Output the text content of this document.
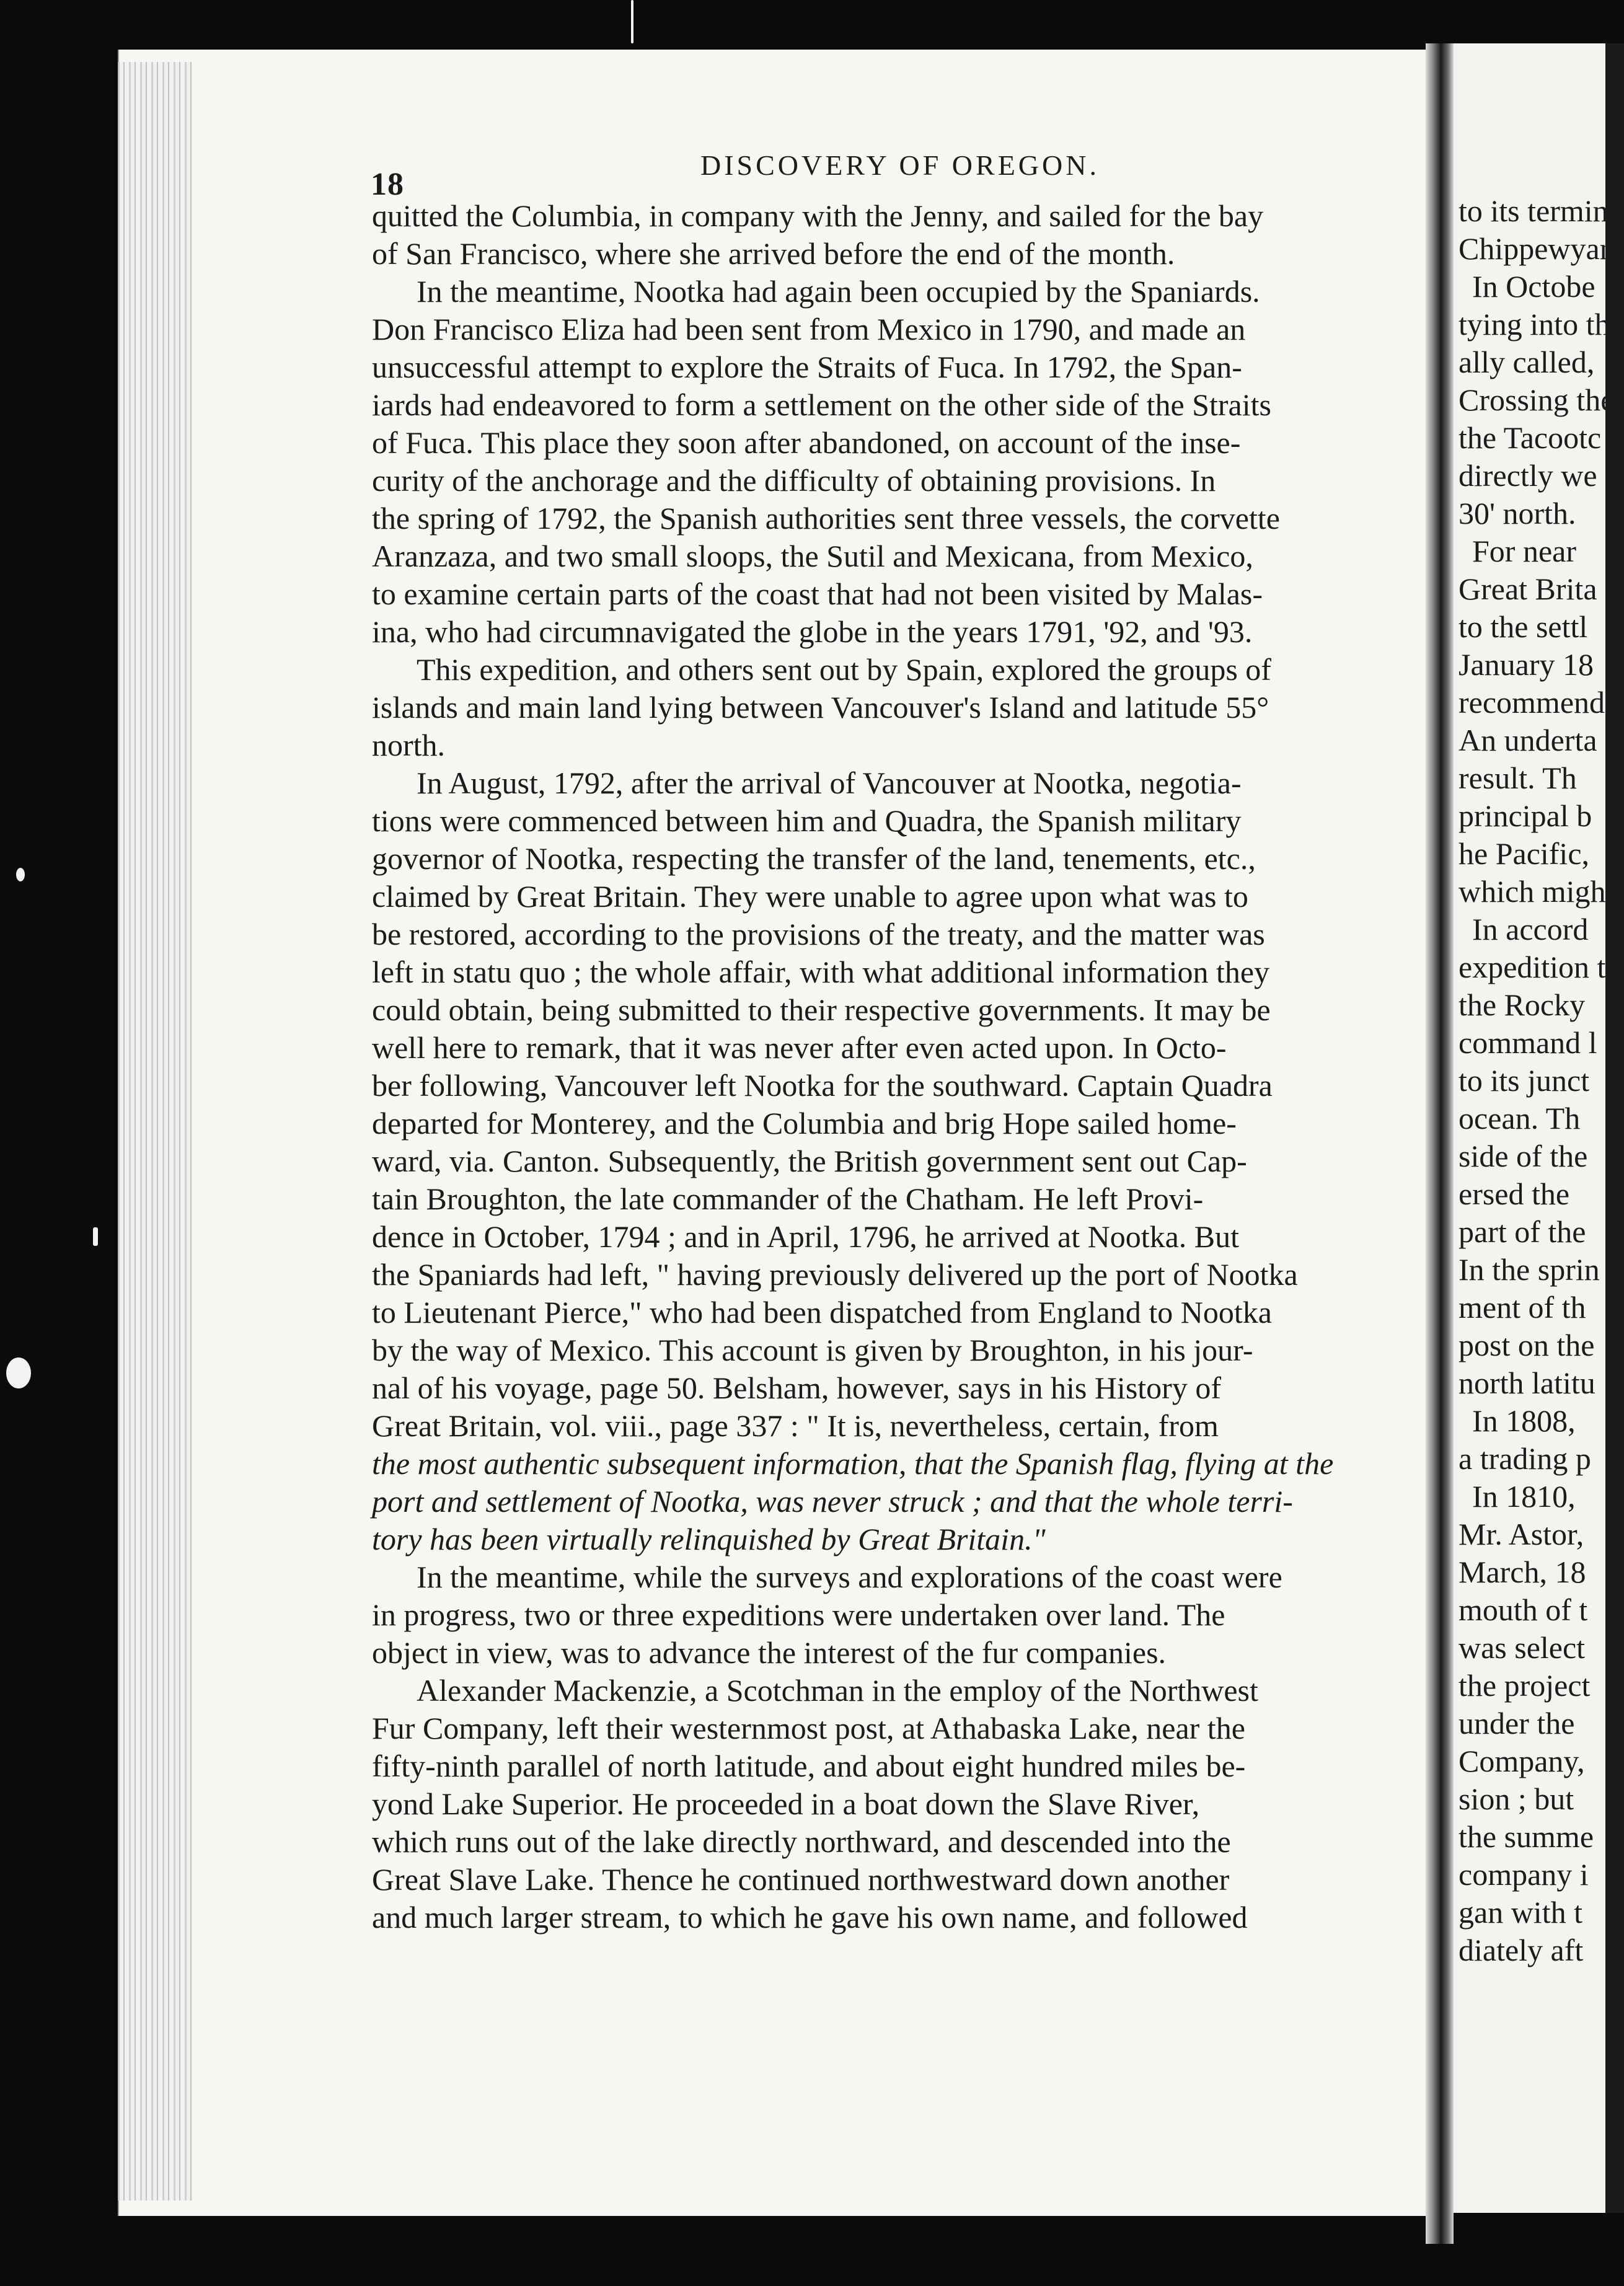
18
DISCOVERY OF OREGON.
quitted the Columbia, in company with the Jenny, and sailed for the bay
of San Francisco, where she arrived before the end of the month.
In the meantime, Nootka had again been occupied by the Spaniards.
Don Francisco Eliza had been sent from Mexico in 1790, and made an
unsuccessful attempt to explore the Straits of Fuca. In 1792, the Span-
iards had endeavored to form a settlement on the other side of the Straits
of Fuca. This place they soon after abandoned, on account of the inse-
curity of the anchorage and the difficulty of obtaining provisions. In
the spring of 1792, the Spanish authorities sent three vessels, the corvette
Aranzaza, and two small sloops, the Sutil and Mexicana, from Mexico,
to examine certain parts of the coast that had not been visited by Malas-
ina, who had circumnavigated the globe in the years 1791, '92, and '93.
This expedition, and others sent out by Spain, explored the groups of
islands and main land lying between Vancouver's Island and latitude 55°
north.
In August, 1792, after the arrival of Vancouver at Nootka, negotia-
tions were commenced between him and Quadra, the Spanish military
governor of Nootka, respecting the transfer of the land, tenements, etc.,
claimed by Great Britain. They were unable to agree upon what was to
be restored, according to the provisions of the treaty, and the matter was
left in statu quo ; the whole affair, with what additional information they
could obtain, being submitted to their respective governments. It may be
well here to remark, that it was never after even acted upon. In Octo-
ber following, Vancouver left Nootka for the southward. Captain Quadra
departed for Monterey, and the Columbia and brig Hope sailed home-
ward, via. Canton. Subsequently, the British government sent out Cap-
tain Broughton, the late commander of the Chatham. He left Provi-
dence in October, 1794 ; and in April, 1796, he arrived at Nootka. But
the Spaniards had left, " having previously delivered up the port of Nootka
to Lieutenant Pierce," who had been dispatched from England to Nootka
by the way of Mexico. This account is given by Broughton, in his jour-
nal of his voyage, page 50. Belsham, however, says in his History of
Great Britain, vol. viii., page 337 : " It is, nevertheless, certain, from
the most authentic subsequent information, that the Spanish flag, flying at the
port and settlement of Nootka, was never struck ; and that the whole terri-
tory has been virtually relinquished by Great Britain."
In the meantime, while the surveys and explorations of the coast were
in progress, two or three expeditions were undertaken over land. The
object in view, was to advance the interest of the fur companies.
Alexander Mackenzie, a Scotchman in the employ of the Northwest
Fur Company, left their westernmost post, at Athabaska Lake, near the
fifty-ninth parallel of north latitude, and about eight hundred miles be-
yond Lake Superior. He proceeded in a boat down the Slave River,
which runs out of the lake directly northward, and descended into the
Great Slave Lake. Thence he continued northwestward down another
and much larger stream, to which he gave his own name, and followed
to its termin
Chippewyan
In Octobe
tying into th
ally called,
Crossing the
the Tacootc
directly we
30' north.
For near
Great Brita
to the settl
January 18
recommend
An underta
result. Th
principal b
he Pacific,
which migh
In accord
expedition t
the Rocky
command l
to its junct
ocean. Th
side of the
ersed the
part of the
In the sprin
ment of th
post on the
north latitu
In 1808,
a trading p
In 1810,
Mr. Astor,
March, 18
mouth of t
was select
the project
under the
Company,
sion ; but
the summe
company i
gan with t
diately aft
